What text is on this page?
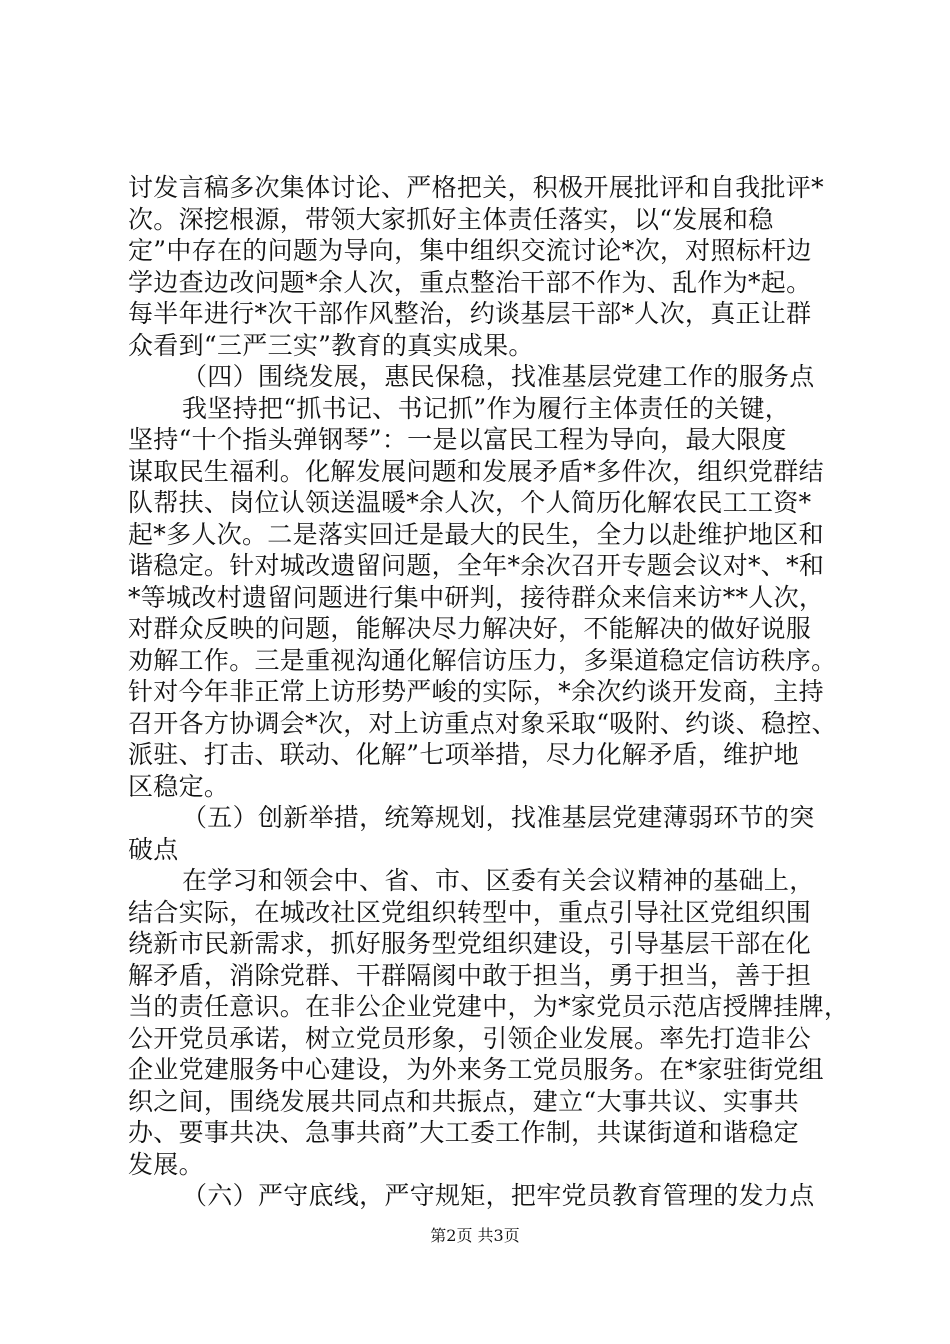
讨发言稿多次集体讨论、严格把关，积极开展批评和自我批评*
次。深挖根源，带领大家抓好主体责任落实，以“发展和稳
定”中存在的问题为导向，集中组织交流讨论*次，对照标杆边
学边查边改问题*余人次，重点整治干部不作为、乱作为*起。
每半年进行*次干部作风整治，约谈基层干部*人次，真正让群
众看到“三严三实”教育的真实成果。
（四）围绕发展，惠民保稳，找准基层党建工作的服务点
我坚持把“抓书记、书记抓”作为履行主体责任的关键，
坚持“十个指头弹钢琴”：一是以富民工程为导向，最大限度
谋取民生福利。化解发展问题和发展矛盾*多件次，组织党群结
队帮扶、岗位认领送温暖*余人次，个人简历化解农民工工资*
起*多人次。二是落实回迁是最大的民生，全力以赴维护地区和
谐稳定。针对城改遗留问题，全年*余次召开专题会议对*、*和
*等城改村遗留问题进行集中研判，接待群众来信来访**人次，
对群众反映的问题，能解决尽力解决好，不能解决的做好说服
劝解工作。三是重视沟通化解信访压力，多渠道稳定信访秩序。
针对今年非正常上访形势严峻的实际，*余次约谈开发商，主持
召开各方协调会*次，对上访重点对象采取“吸附、约谈、稳控、
派驻、打击、联动、化解”七项举措，尽力化解矛盾，维护地
区稳定。
（五）创新举措，统筹规划，找准基层党建薄弱环节的突
破点
在学习和领会中、省、市、区委有关会议精神的基础上，
结合实际，在城改社区党组织转型中，重点引导社区党组织围
绕新市民新需求，抓好服务型党组织建设，引导基层干部在化
解矛盾，消除党群、干群隔阂中敢于担当，勇于担当，善于担
当的责任意识。在非公企业党建中，为*家党员示范店授牌挂牌，
公开党员承诺，树立党员形象，引领企业发展。率先打造非公
企业党建服务中心建设，为外来务工党员服务。在*家驻街党组
织之间，围绕发展共同点和共振点，建立“大事共议、实事共
办、要事共决、急事共商”大工委工作制，共谋街道和谐稳定
发展。
（六）严守底线，严守规矩，把牢党员教育管理的发力点
第2页 共3页
